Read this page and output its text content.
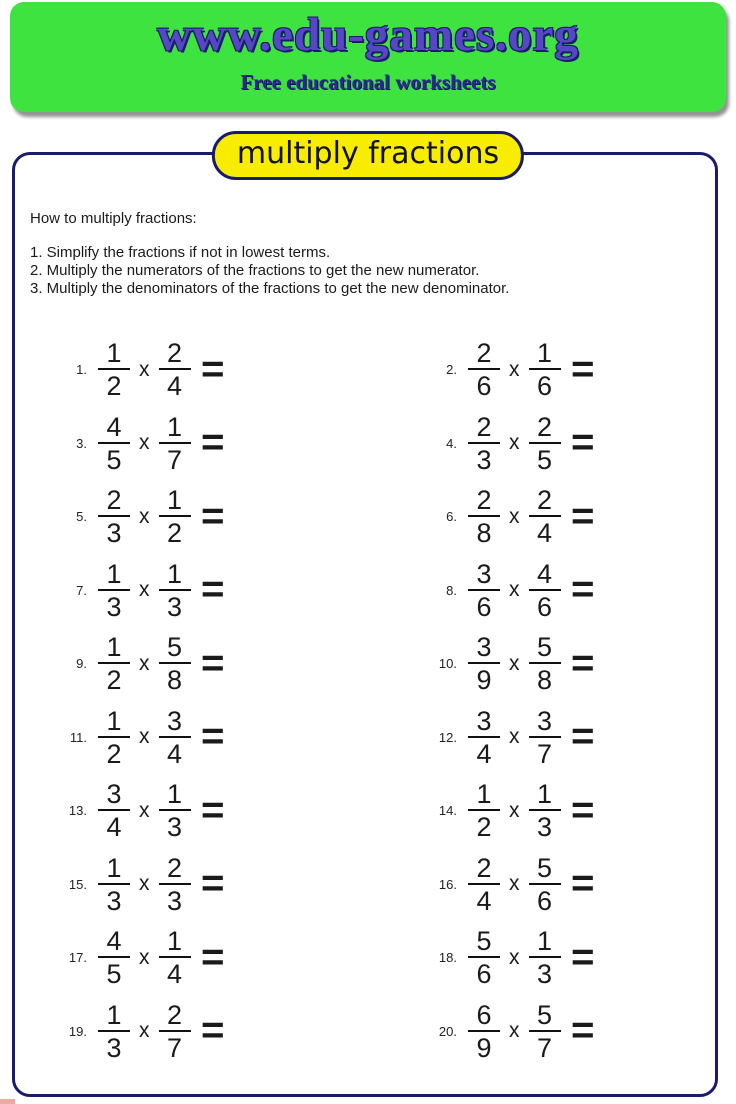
www.edu-games.org
Free educational worksheets
multiply fractions
How to multiply fractions:
1. Simplify the fractions if not in lowest terms.
2. Multiply the numerators of the fractions to get the new numerator.
3. Multiply the denominators of the fractions to get the new denominator.
1. $\frac{1}{2}$ x $\frac{2}{4}$ =	2. $\frac{2}{6}$ x $\frac{1}{6}$ =
3. $\frac{4}{5}$ x $\frac{1}{7}$ =	4. $\frac{2}{3}$ x $\frac{2}{5}$ =
5. $\frac{2}{3}$ x $\frac{1}{2}$ =	6. $\frac{2}{8}$ x $\frac{2}{4}$ =
7. $\frac{1}{3}$ x $\frac{1}{3}$ =	8. $\frac{3}{6}$ x $\frac{4}{6}$ =
9. $\frac{1}{2}$ x $\frac{5}{8}$ =	10. $\frac{3}{9}$ x $\frac{5}{8}$ =
11. $\frac{1}{2}$ x $\frac{3}{4}$ =	12. $\frac{3}{4}$ x $\frac{3}{7}$ =
13. $\frac{3}{4}$ x $\frac{1}{3}$ =	14. $\frac{1}{2}$ x $\frac{1}{3}$ =
15. $\frac{1}{3}$ x $\frac{2}{3}$ =	16. $\frac{2}{4}$ x $\frac{5}{6}$ =
17. $\frac{4}{5}$ x $\frac{1}{4}$ =	18. $\frac{5}{6}$ x $\frac{1}{3}$ =
19. $\frac{1}{3}$ x $\frac{2}{7}$ =	20. $\frac{6}{9}$ x $\frac{5}{7}$ =
